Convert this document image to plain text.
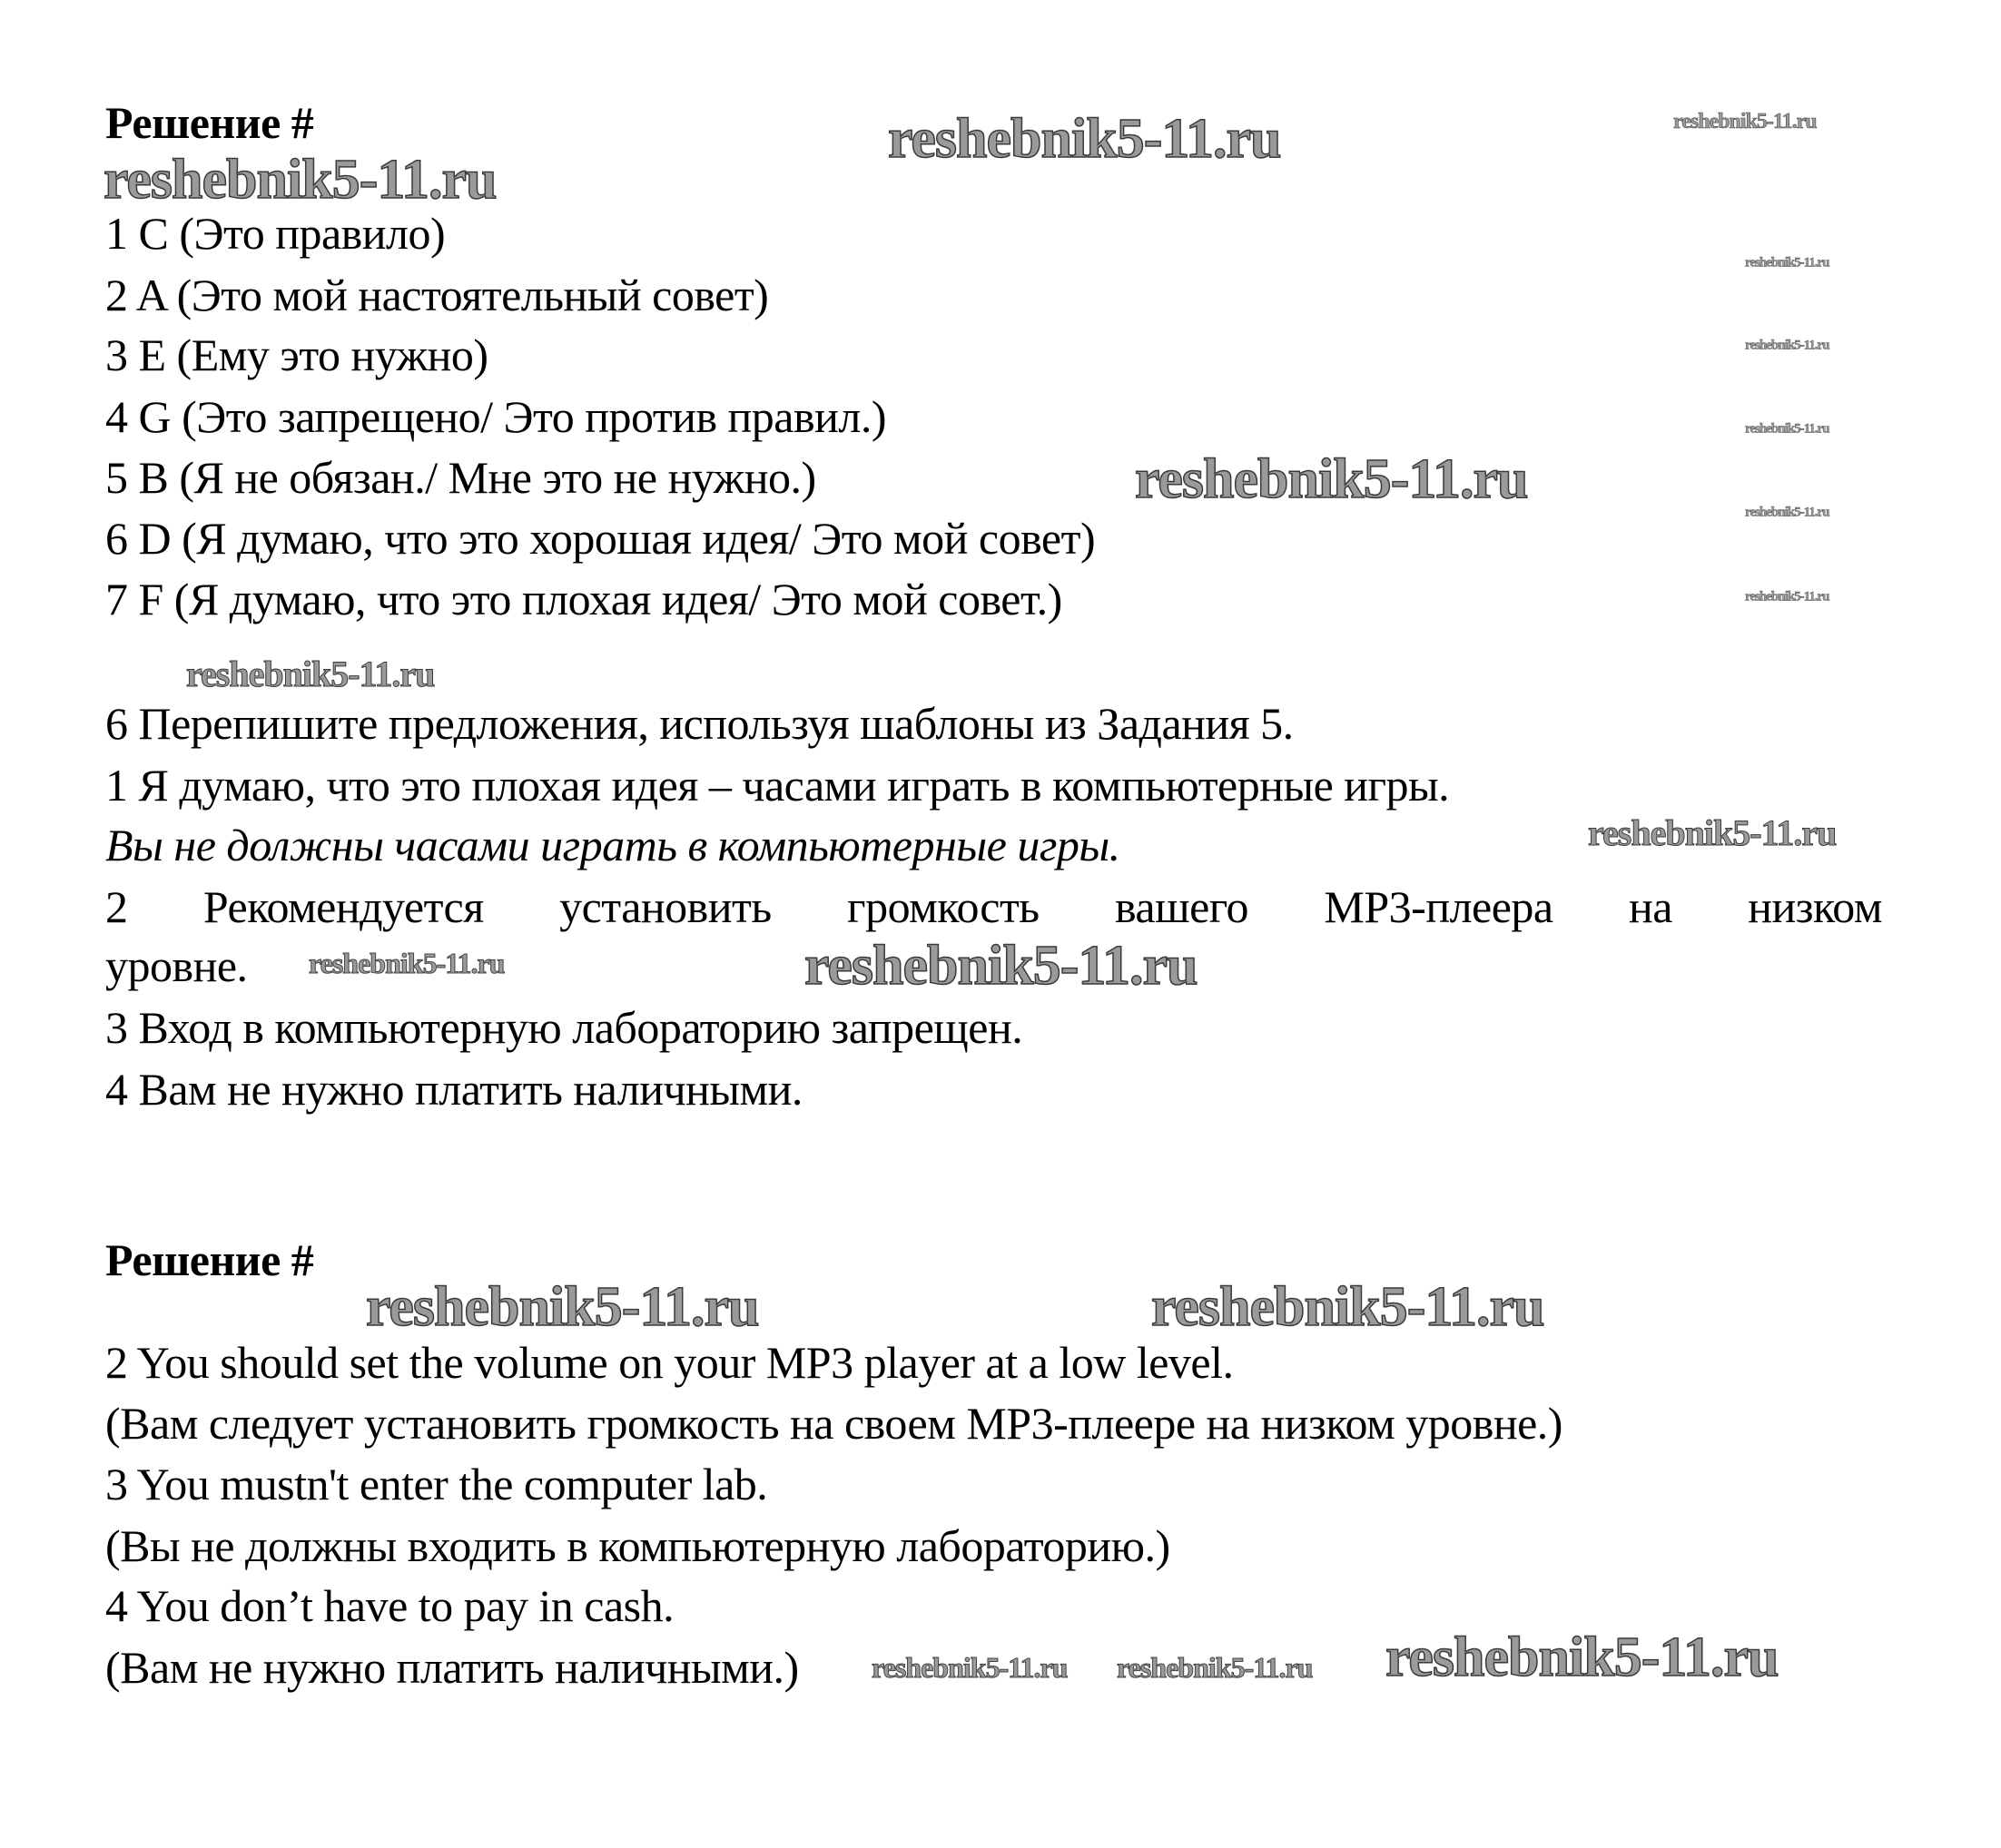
Решение #
1 C (Это правило)
2 A (Это мой настоятельный совет)
3 E (Ему это нужно)
4 G (Это запрещено/ Это против правил.)
5 B (Я не обязан./ Мне это не нужно.)
6 D (Я думаю, что это хорошая идея/ Это мой совет)
7 F (Я думаю, что это плохая идея/ Это мой совет.)
6 Перепишите предложения, используя шаблоны из Задания 5.
1 Я думаю, что это плохая идея – часами играть в компьютерные игры.
Вы не должны часами играть в компьютерные игры.
2 Рекомендуется установить громкость вашего МР3-плеера на низком
уровне.
3 Вход в компьютерную лабораторию запрещен.
4 Вам не нужно платить наличными.
Решение #
2 You should set the volume on your MP3 player at a low level.
(Вам следует установить громкость на своем MP3-плеере на низком уровне.)
3 You mustn't enter the computer lab.
(Вы не должны входить в компьютерную лабораторию.)
4 You don’t have to pay in cash.
(Вам не нужно платить наличными.)
reshebnik5-11.ru	reshebnik5-11.ru
reshebnik5-11.ru
reshebnik5-11.ru
reshebnik5-11.ru
reshebnik5-11.ru
reshebnik5-11.ru
reshebnik5-11.ru
reshebnik5-11.ru
reshebnik5-11.ru
reshebnik5-11.ru
reshebnik5-11.ru	reshebnik5-11.ru
reshebnik5-11.ru	reshebnik5-11.ru
reshebnik5-11.ru reshebnik5-11.ru reshebnik5-11.ru
